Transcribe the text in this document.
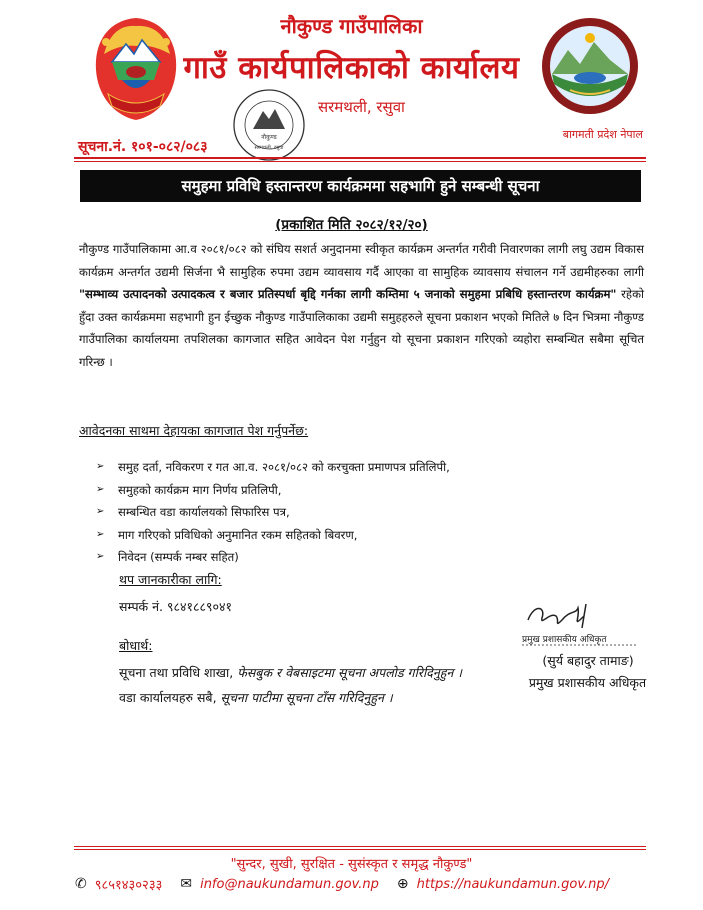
नौकुण्ड
सरमथली, रसुवा
नौकुण्ड गाउँपालिका
गाउँ कार्यपालिकाको कार्यालय
सरमथली, रसुवा
बागमती प्रदेश नेपाल
सूचना.नं. १०१-०८२/०८३
समुहमा प्रविधि हस्तान्तरण कार्यक्रममा सहभागि हुने सम्बन्धी सूचना
(प्रकाशित मिति २०८२/१२/२०)
नौकुण्ड गाउँपालिकामा आ.व २०८१/०८२ को संघिय सशर्त अनुदानमा स्वीकृत कार्यक्रम अन्तर्गत गरीवी निवारणका लागी लघु उद्यम विकास कार्यक्रम अन्तर्गत उद्यमी सिर्जना भै सामुहिक रुपमा उद्यम व्यावसाय गर्दै आएका वा सामुहिक व्यावसाय संचालन गर्ने उद्यमीहरुका लागी "सम्भाव्य उत्पादनको उत्पादकत्व र बजार प्रतिस्पर्धा बृद्दि गर्नका लागी कम्तिमा ५ जनाको समुहमा प्रबिधि हस्तान्तरण कार्यक्रम" रहेको हुँदा उक्त कार्यक्रममा सहभागी हुन ईच्छुक नौकुण्ड गाउँपालिकाका उद्यमी समुहहरुले सूचना प्रकाशन भएको मितिले ७ दिन भित्रमा नौकुण्ड गाउँपालिका कार्यालयमा तपशिलका कागजात सहित आवेदन पेश गर्नुहुन यो सूचना प्रकाशन गरिएको व्यहोरा सम्बन्धित सबैमा सूचित गरिन्छ ।
आवेदनका साथमा देहायका कागजात पेश गर्नुपर्नेछ:
➢	समुह दर्ता, नविकरण र गत आ.व. २०८१/०८२ को करचुक्ता प्रमाणपत्र प्रतिलिपी,
➢	समुहको कार्यक्रम माग निर्णय प्रतिलिपी,
➢	सम्बन्धित वडा कार्यालयको सिफारिस पत्र,
➢	माग गरिएको प्रविधिको अनुमानित रकम सहितको बिवरण,
➢	निवेदन (सम्पर्क नम्बर सहित)
थप जानकारीका लागि:
सम्पर्क नं. ९८४१८८९०४१
बोधार्थ:
सूचना तथा प्रविधि शाखा, फेसबुक र वेबसाइटमा सूचना अपलोड गरिदिनुहुन ।
वडा कार्यालयहरु सबै, सूचना पाटीमा सूचना टाँस गरिदिनुहुन ।
प्रमुख प्रशासकीय अधिकृत
(सुर्य बहादुर तामाङ)
प्रमुख प्रशासकीय अधिकृत
"सुन्दर, सुखी, सुरक्षित - सुसंस्कृत र समृद्ध नौकुण्ड"
✆ ९८५१४३०२३३ ✉ info@naukundamun.gov.np ⊕ https://naukundamun.gov.np/
